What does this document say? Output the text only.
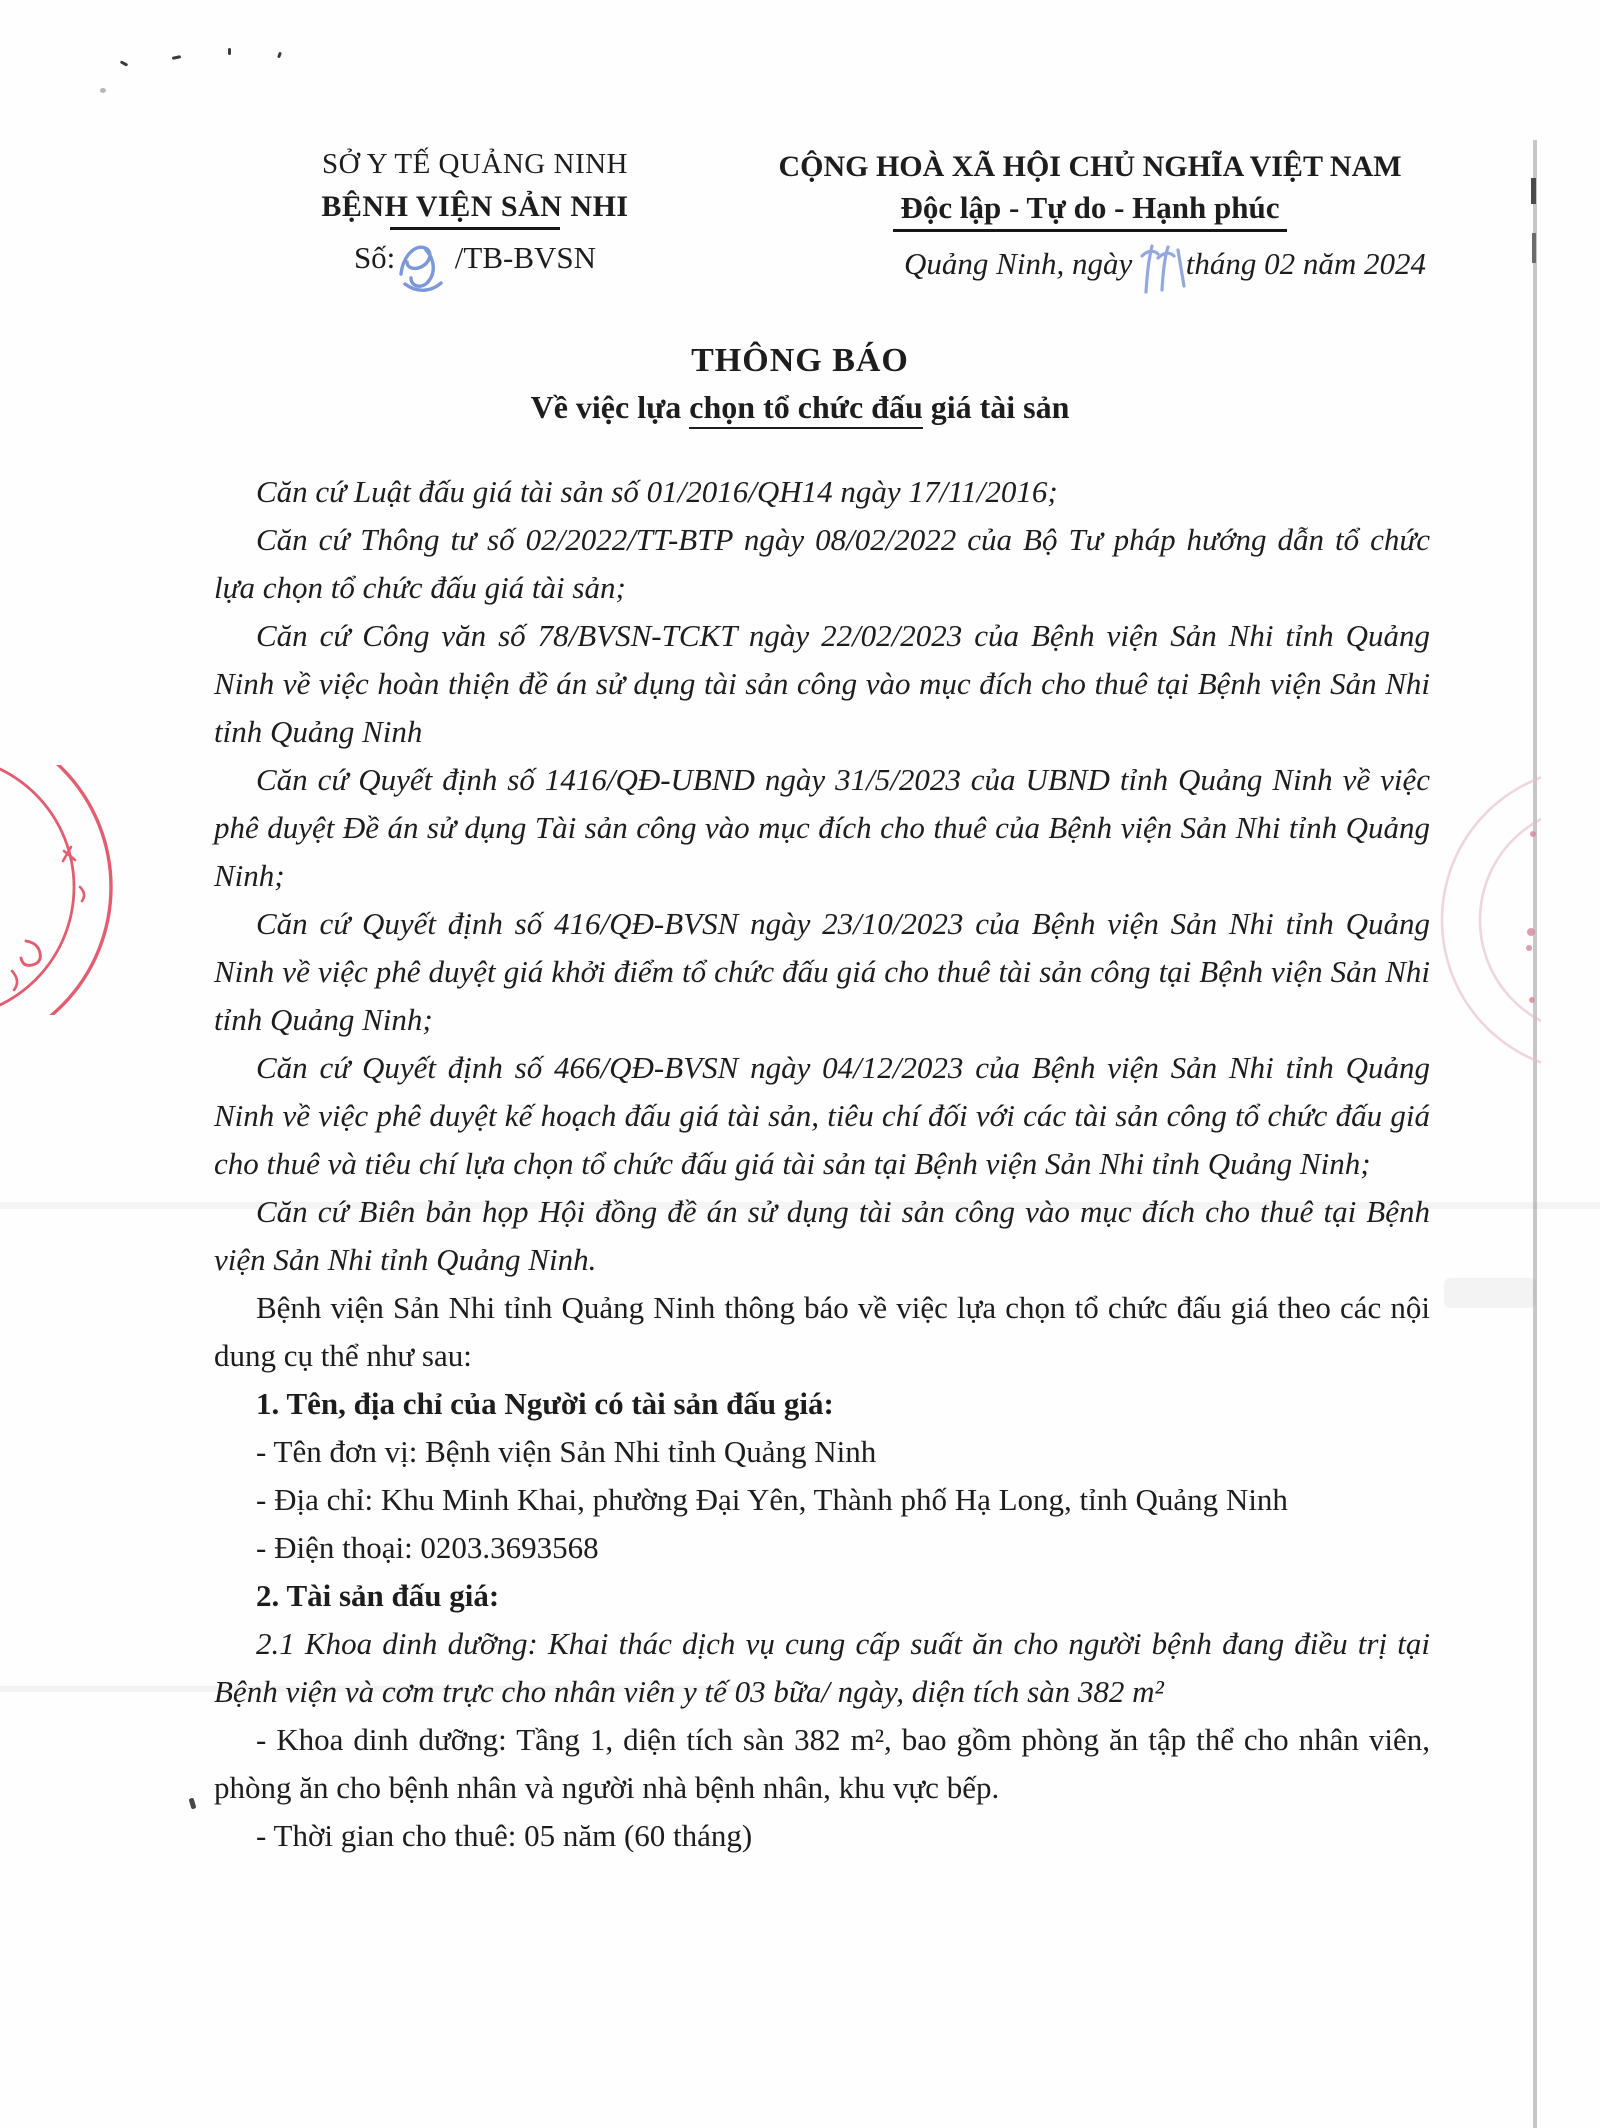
SỞ Y TẾ QUẢNG NINH
BỆNH VIỆN SẢN NHI
Số: /TB-BVSN
CỘNG HOÀ XÃ HỘI CHỦ NGHĨA VIỆT NAM
Độc lập - Tự do - Hạnh phúc
Quảng Ninh, ngày tháng 02 năm 2024
THÔNG BÁO
Về việc lựa chọn tổ chức đấu giá tài sản

Căn cứ Luật đấu giá tài sản số 01/2016/QH14 ngày 17/11/2016;

Căn cứ Thông tư số 02/2022/TT-BTP ngày 08/02/2022 của Bộ Tư pháp hướng dẫn tổ chức lựa chọn tổ chức đấu giá tài sản;

Căn cứ Công văn số 78/BVSN-TCKT ngày 22/02/2023 của Bệnh viện Sản Nhi tỉnh Quảng Ninh về việc hoàn thiện đề án sử dụng tài sản công vào mục đích cho thuê tại Bệnh viện Sản Nhi tỉnh Quảng Ninh

Căn cứ Quyết định số 1416/QĐ-UBND ngày 31/5/2023 của UBND tỉnh Quảng Ninh về việc phê duyệt Đề án sử dụng Tài sản công vào mục đích cho thuê của Bệnh viện Sản Nhi tỉnh Quảng Ninh;

Căn cứ Quyết định số 416/QĐ-BVSN ngày 23/10/2023 của Bệnh viện Sản Nhi tỉnh Quảng Ninh về việc phê duyệt giá khởi điểm tổ chức đấu giá cho thuê tài sản công tại Bệnh viện Sản Nhi tỉnh Quảng Ninh;

Căn cứ Quyết định số 466/QĐ-BVSN ngày 04/12/2023 của Bệnh viện Sản Nhi tỉnh Quảng Ninh về việc phê duyệt kế hoạch đấu giá tài sản, tiêu chí đối với các tài sản công tổ chức đấu giá cho thuê và tiêu chí lựa chọn tổ chức đấu giá tài sản tại Bệnh viện Sản Nhi tỉnh Quảng Ninh;

Căn cứ Biên bản họp Hội đồng đề án sử dụng tài sản công vào mục đích cho thuê tại Bệnh viện Sản Nhi tỉnh Quảng Ninh.

Bệnh viện Sản Nhi tỉnh Quảng Ninh thông báo về việc lựa chọn tổ chức đấu giá theo các nội dung cụ thể như sau:

1. Tên, địa chỉ của Người có tài sản đấu giá:

- Tên đơn vị: Bệnh viện Sản Nhi tỉnh Quảng Ninh

- Địa chỉ: Khu Minh Khai, phường Đại Yên, Thành phố Hạ Long, tỉnh Quảng Ninh

- Điện thoại: 0203.3693568

2. Tài sản đấu giá:

2.1 Khoa dinh dưỡng: Khai thác dịch vụ cung cấp suất ăn cho người bệnh đang điều trị tại Bệnh viện và cơm trực cho nhân viên y tế 03 bữa/ ngày, diện tích sàn 382 m²

- Khoa dinh dưỡng: Tầng 1, diện tích sàn 382 m², bao gồm phòng ăn tập thể cho nhân viên, phòng ăn cho bệnh nhân và người nhà bệnh nhân, khu vực bếp.

- Thời gian cho thuê: 05 năm (60 tháng)
